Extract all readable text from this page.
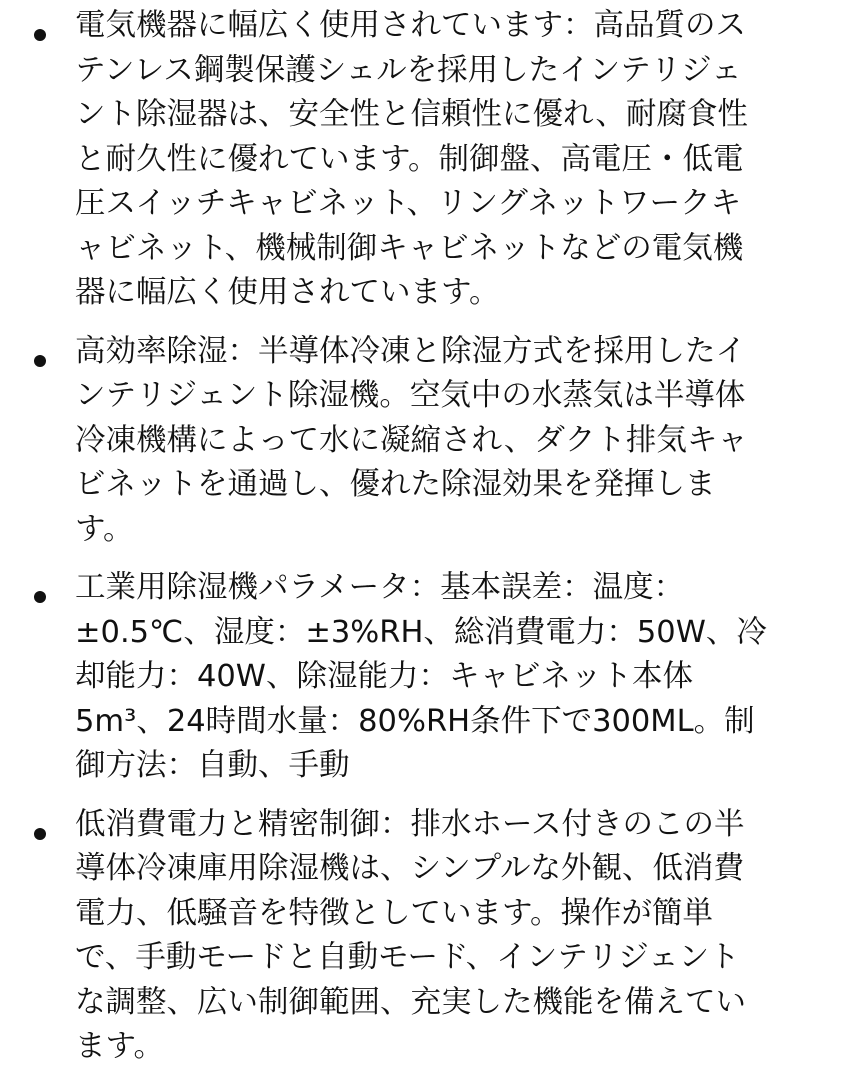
電気機器に幅広く使用されています：高品質のス
テンレス鋼製保護シェルを採用したインテリジェ
ント除湿器は、安全性と信頼性に優れ、耐腐食性
と耐久性に優れています。制御盤、高電圧・低電
圧スイッチキャビネット、リングネットワークキ
ャビネット、機械制御キャビネットなどの電気機
器に幅広く使用されています。
高効率除湿：半導体冷凍と除湿方式を採用したイ
ンテリジェント除湿機。空気中の水蒸気は半導体
冷凍機構によって水に凝縮され、ダクト排気キャ
ビネットを通過し、優れた除湿効果を発揮しま
す。
工業用除湿機パラメータ：基本誤差：温度：
±0.5℃、湿度：±3%RH、総消費電力：50W、冷
却能力：40W、除湿能力：キャビネット本体
5m³、24時間水量：80%RH条件下で300ML。制
御方法：自動、手動
低消費電力と精密制御：排水ホース付きのこの半
導体冷凍庫用除湿機は、シンプルな外観、低消費
電力、低騒音を特徴としています。操作が簡単
で、手動モードと自動モード、インテリジェント
な調整、広い制御範囲、充実した機能を備えてい
ます。
